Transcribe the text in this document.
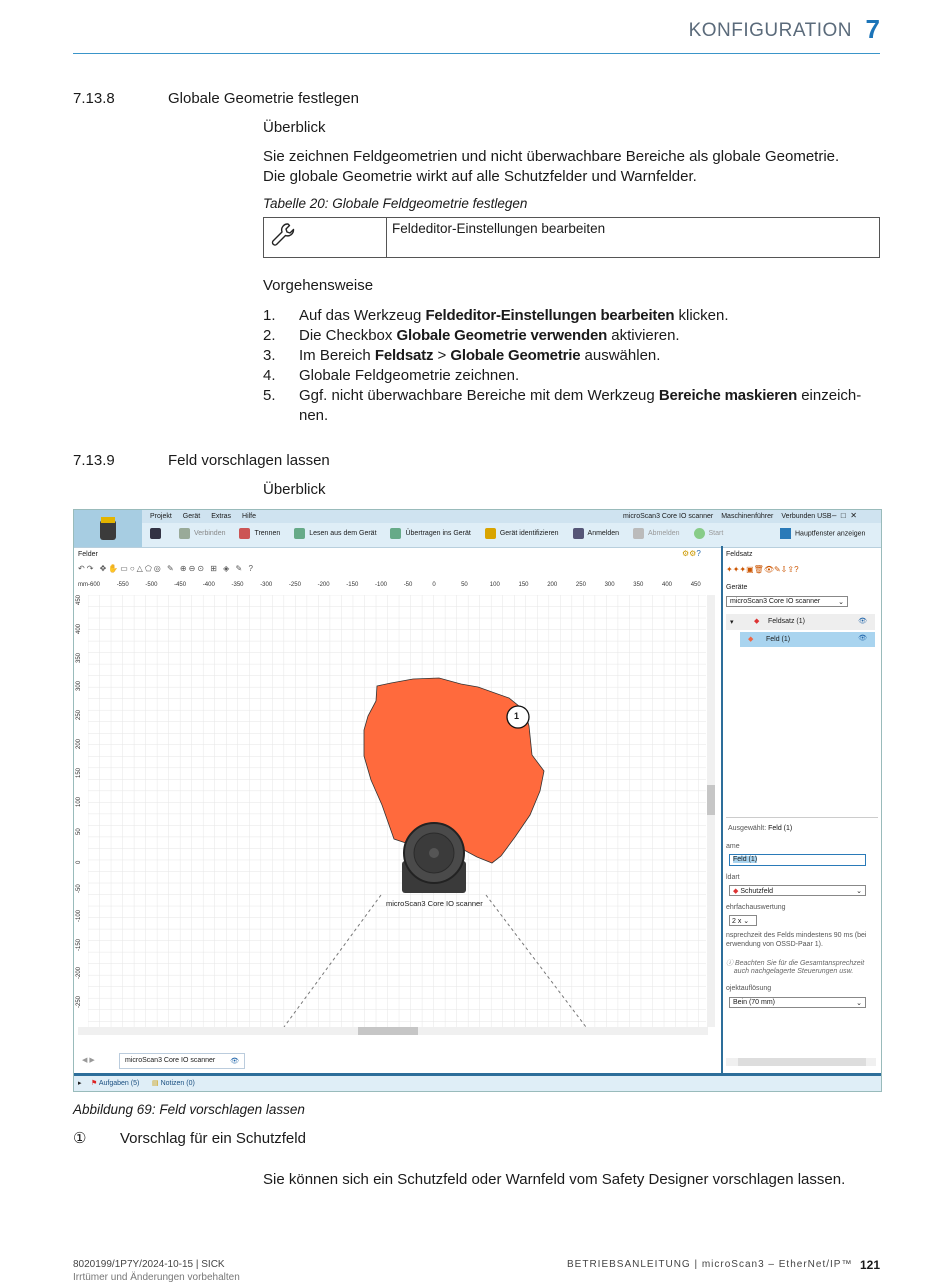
KONFIGURATION 7
7.13.8	Globale Geometrie festlegen
Überblick
Sie zeichnen Feldgeometrien und nicht überwachbare Bereiche als globale Geometrie.
Die globale Geometrie wirkt auf alle Schutzfelder und Warnfelder.
Tabelle 20: Globale Feldgeometrie festlegen
	Feldeditor-Einstellungen bearbeiten
Vorgehensweise
1. Auf das Werkzeug Feldeditor-Einstellungen bearbeiten klicken.
2. Die Checkbox Globale Geometrie verwenden aktivieren.
3. Im Bereich Feldsatz > Globale Geometrie auswählen.
4. Globale Feldgeometrie zeichnen.
5. Ggf. nicht überwachbare Bereiche mit dem Werkzeug Bereiche maskieren einzeich-
nen.
7.13.9	Feld vorschlagen lassen
Überblick
Projekt Gerät Extras Hilfe	microScan3 Core IO scanner Maschinenführer Verbunden USB – □ ✕

Verbinden
	Trennen
	Lesen aus dem Gerät
	Übertragen ins Gerät
	Gerät identifizieren
	Anmelden
	Abmelden
	Start	Hauptfenster anzeigen
Felder	⚙⚙?
↶↷ ✥✋▭○△⬠◎ ✎ ⊕⊖⊙ ⊞ ◈ ✎ ?
mm -600	-550	-500	-450	-400	-350	-300	-250	-200	-150	-100	-50	0	50	100	150	200	250	300	350	400	450
450
400
350
300
250
200
150
100
50
0
-50
-100
-150
-200
-250
1
microScan3 Core IO scanner
microScan3 Core IO scanner 👁
◀ ▶
Feldsatz
✦✦✦▣🗑👁✎⇩⇪?
Geräte
microScan3 Core IO scanner	⌄
▾	◆ Feldsatz (1)	👁
◆ Feld (1)	👁
Ausgewählt: Feld (1)
ame
Feld (1)
ldart
◆ Schutzfeld	⌄
ehrfachauswertung
2 x ⌄
nsprechzeit des Felds mindestens 90 ms (bei
erwendung von OSSD-Paar 1).
ⓘ Beachten Sie für die Gesamtansprechzeit
auch nachgelagerte Steuerungen usw.
ojektauflösung
Bein (70 mm)	⌄
▸ ⚑ Aufgaben (5) ▤ Notizen (0)
Abbildung 69: Feld vorschlagen lassen
① Vorschlag für ein Schutzfeld
Sie können sich ein Schutzfeld oder Warnfeld vom Safety Designer vorschlagen lassen.
8020199/1P7Y/2024-10-15 | SICK
Irrtümer und Änderungen vorbehalten
BETRIEBSANLEITUNG | microScan3 – EtherNet/IP™ 121
